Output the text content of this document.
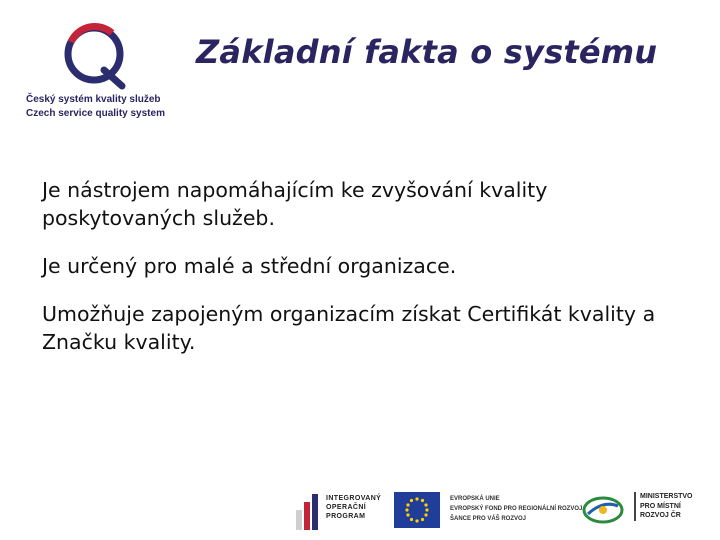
Český systém kvality služeb
Czech service quality system
Základní fakta o systému

Je nástrojem napomáhajícím ke zvyšování kvality poskytovaných služeb.

Je určený pro malé a střední organizace.

Umožňuje zapojeným organizacím získat Certifikát kvality a Značku kvality.

INTEGROVANÝ
OPERAČNÍ
PROGRAM
EVROPSKÁ UNIE
EVROPSKÝ FOND PRO REGIONÁLNÍ ROZVOJ
ŠANCE PRO VÁŠ ROZVOJ
MINISTERSTVO
PRO MÍSTNÍ
ROZVOJ ČR
